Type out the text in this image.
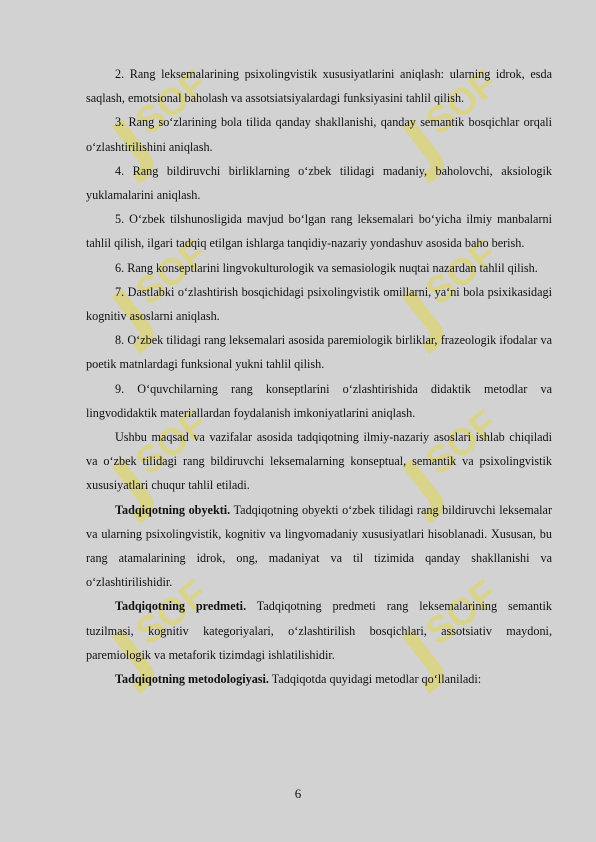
SOF

2. Rang leksemalarining psixolingvistik xususiyatlarini aniqlash: ularning idrok, esda saqlash, emotsional baholash va assotsiatsiyalardagi funksiyasini tahlil qilish.

3. Rang so‘zlarining bola tilida qanday shakllanishi, qanday semantik bosqichlar orqali o‘zlashtirilishini aniqlash.

4. Rang bildiruvchi birliklarning o‘zbek tilidagi madaniy, baholovchi, aksiologik yuklamalarini aniqlash.

5. O‘zbek tilshunosligida mavjud bo‘lgan rang leksemalari bo‘yicha ilmiy manbalarni tahlil qilish, ilgari tadqiq etilgan ishlarga tanqidiy-nazariy yondashuv asosida baho berish.

6. Rang konseptlarini lingvokulturologik va semasiologik nuqtai nazardan tahlil qilish.

7. Dastlabki o‘zlashtirish bosqichidagi psixolingvistik omillarni, ya‘ni bola psixikasidagi kognitiv asoslarni aniqlash.

8. O‘zbek tilidagi rang leksemalari asosida paremiologik birliklar, frazeologik ifodalar va poetik matnlardagi funksional yukni tahlil qilish.

9. O‘quvchilarning rang konseptlarini o‘zlashtirishida didaktik metodlar va lingvodidaktik materiallardan foydalanish imkoniyatlarini aniqlash.

Ushbu maqsad va vazifalar asosida tadqiqotning ilmiy-nazariy asoslari ishlab chiqiladi va o‘zbek tilidagi rang bildiruvchi leksemalarning konseptual, semantik va psixolingvistik xususiyatlari chuqur tahlil etiladi.

Tadqiqotning obyekti. Tadqiqotning obyekti o‘zbek tilidagi rang bildiruvchi leksemalar va ularning psixolingvistik, kognitiv va lingvomadaniy xususiyatlari hisoblanadi. Xususan, bu rang atamalarining idrok, ong, madaniyat va til tizimida qanday shakllanishi va o‘zlashtirilishidir.

Tadqiqotning predmeti. Tadqiqotning predmeti rang leksemalarining semantik tuzilmasi, kognitiv kategoriyalari, o‘zlashtirilish bosqichlari, assotsiativ maydoni, paremiologik va metaforik tizimdagi ishlatilishidir.

Tadqiqotning metodologiyasi. Tadqiqotda quyidagi metodlar qo‘llaniladi:

6
